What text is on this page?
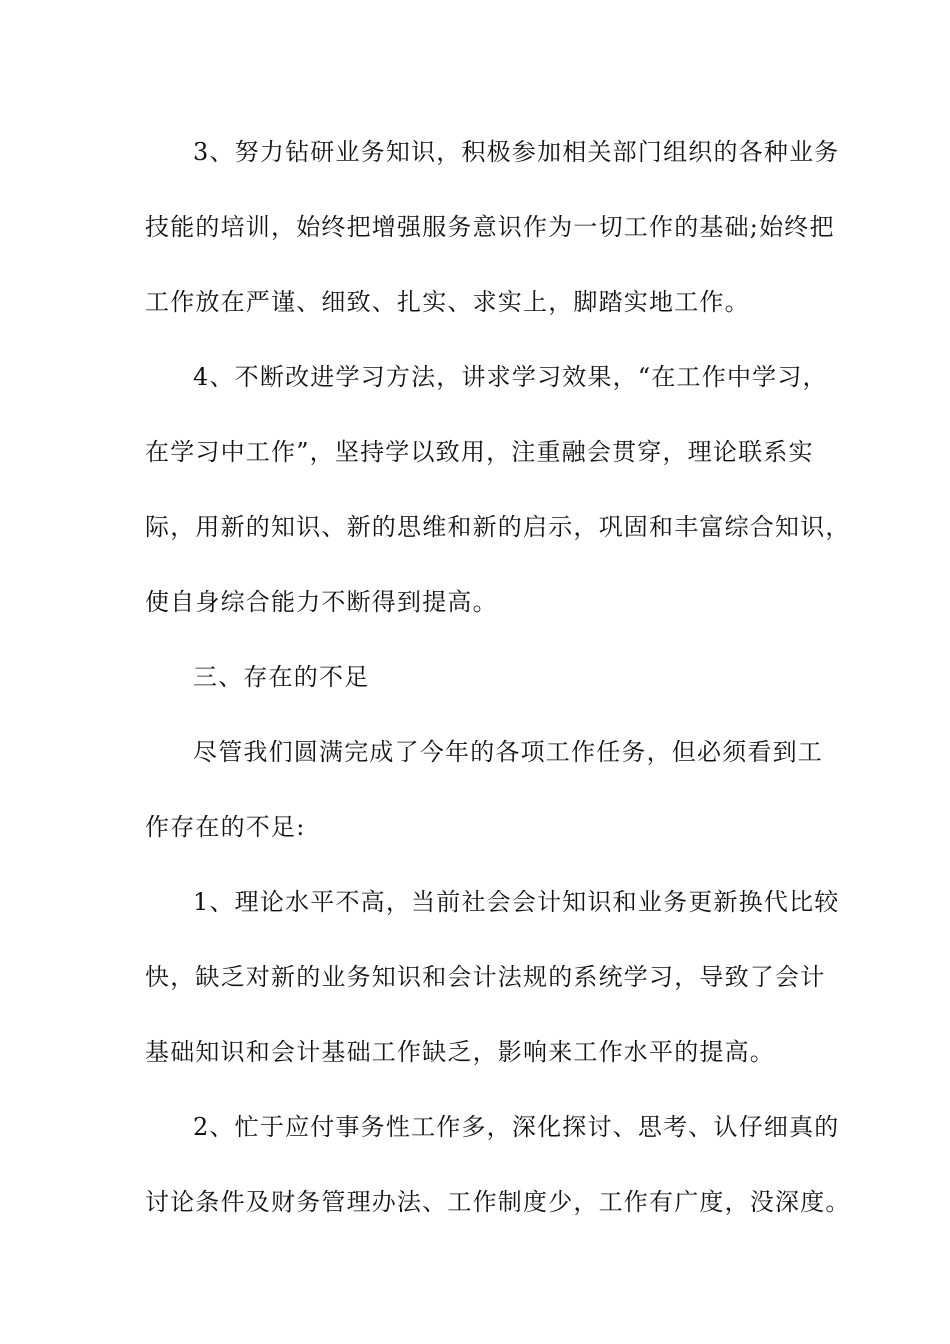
3、努力钻研业务知识，积极参加相关部门组织的各种业务
技能的培训，始终把增强服务意识作为一切工作的基础;始终把
工作放在严谨、细致、扎实、求实上，脚踏实地工作。
4、不断改进学习方法，讲求学习效果，“在工作中学习，
在学习中工作”，坚持学以致用，注重融会贯穿，理论联系实
际，用新的知识、新的思维和新的启示，巩固和丰富综合知识，
使自身综合能力不断得到提高。
三、存在的不足
尽管我们圆满完成了今年的各项工作任务，但必须看到工
作存在的不足:
1、理论水平不高，当前社会会计知识和业务更新换代比较
快，缺乏对新的业务知识和会计法规的系统学习，导致了会计
基础知识和会计基础工作缺乏，影响来工作水平的提高。
2、忙于应付事务性工作多，深化探讨、思考、认仔细真的
讨论条件及财务管理办法、工作制度少，工作有广度，没深度。
